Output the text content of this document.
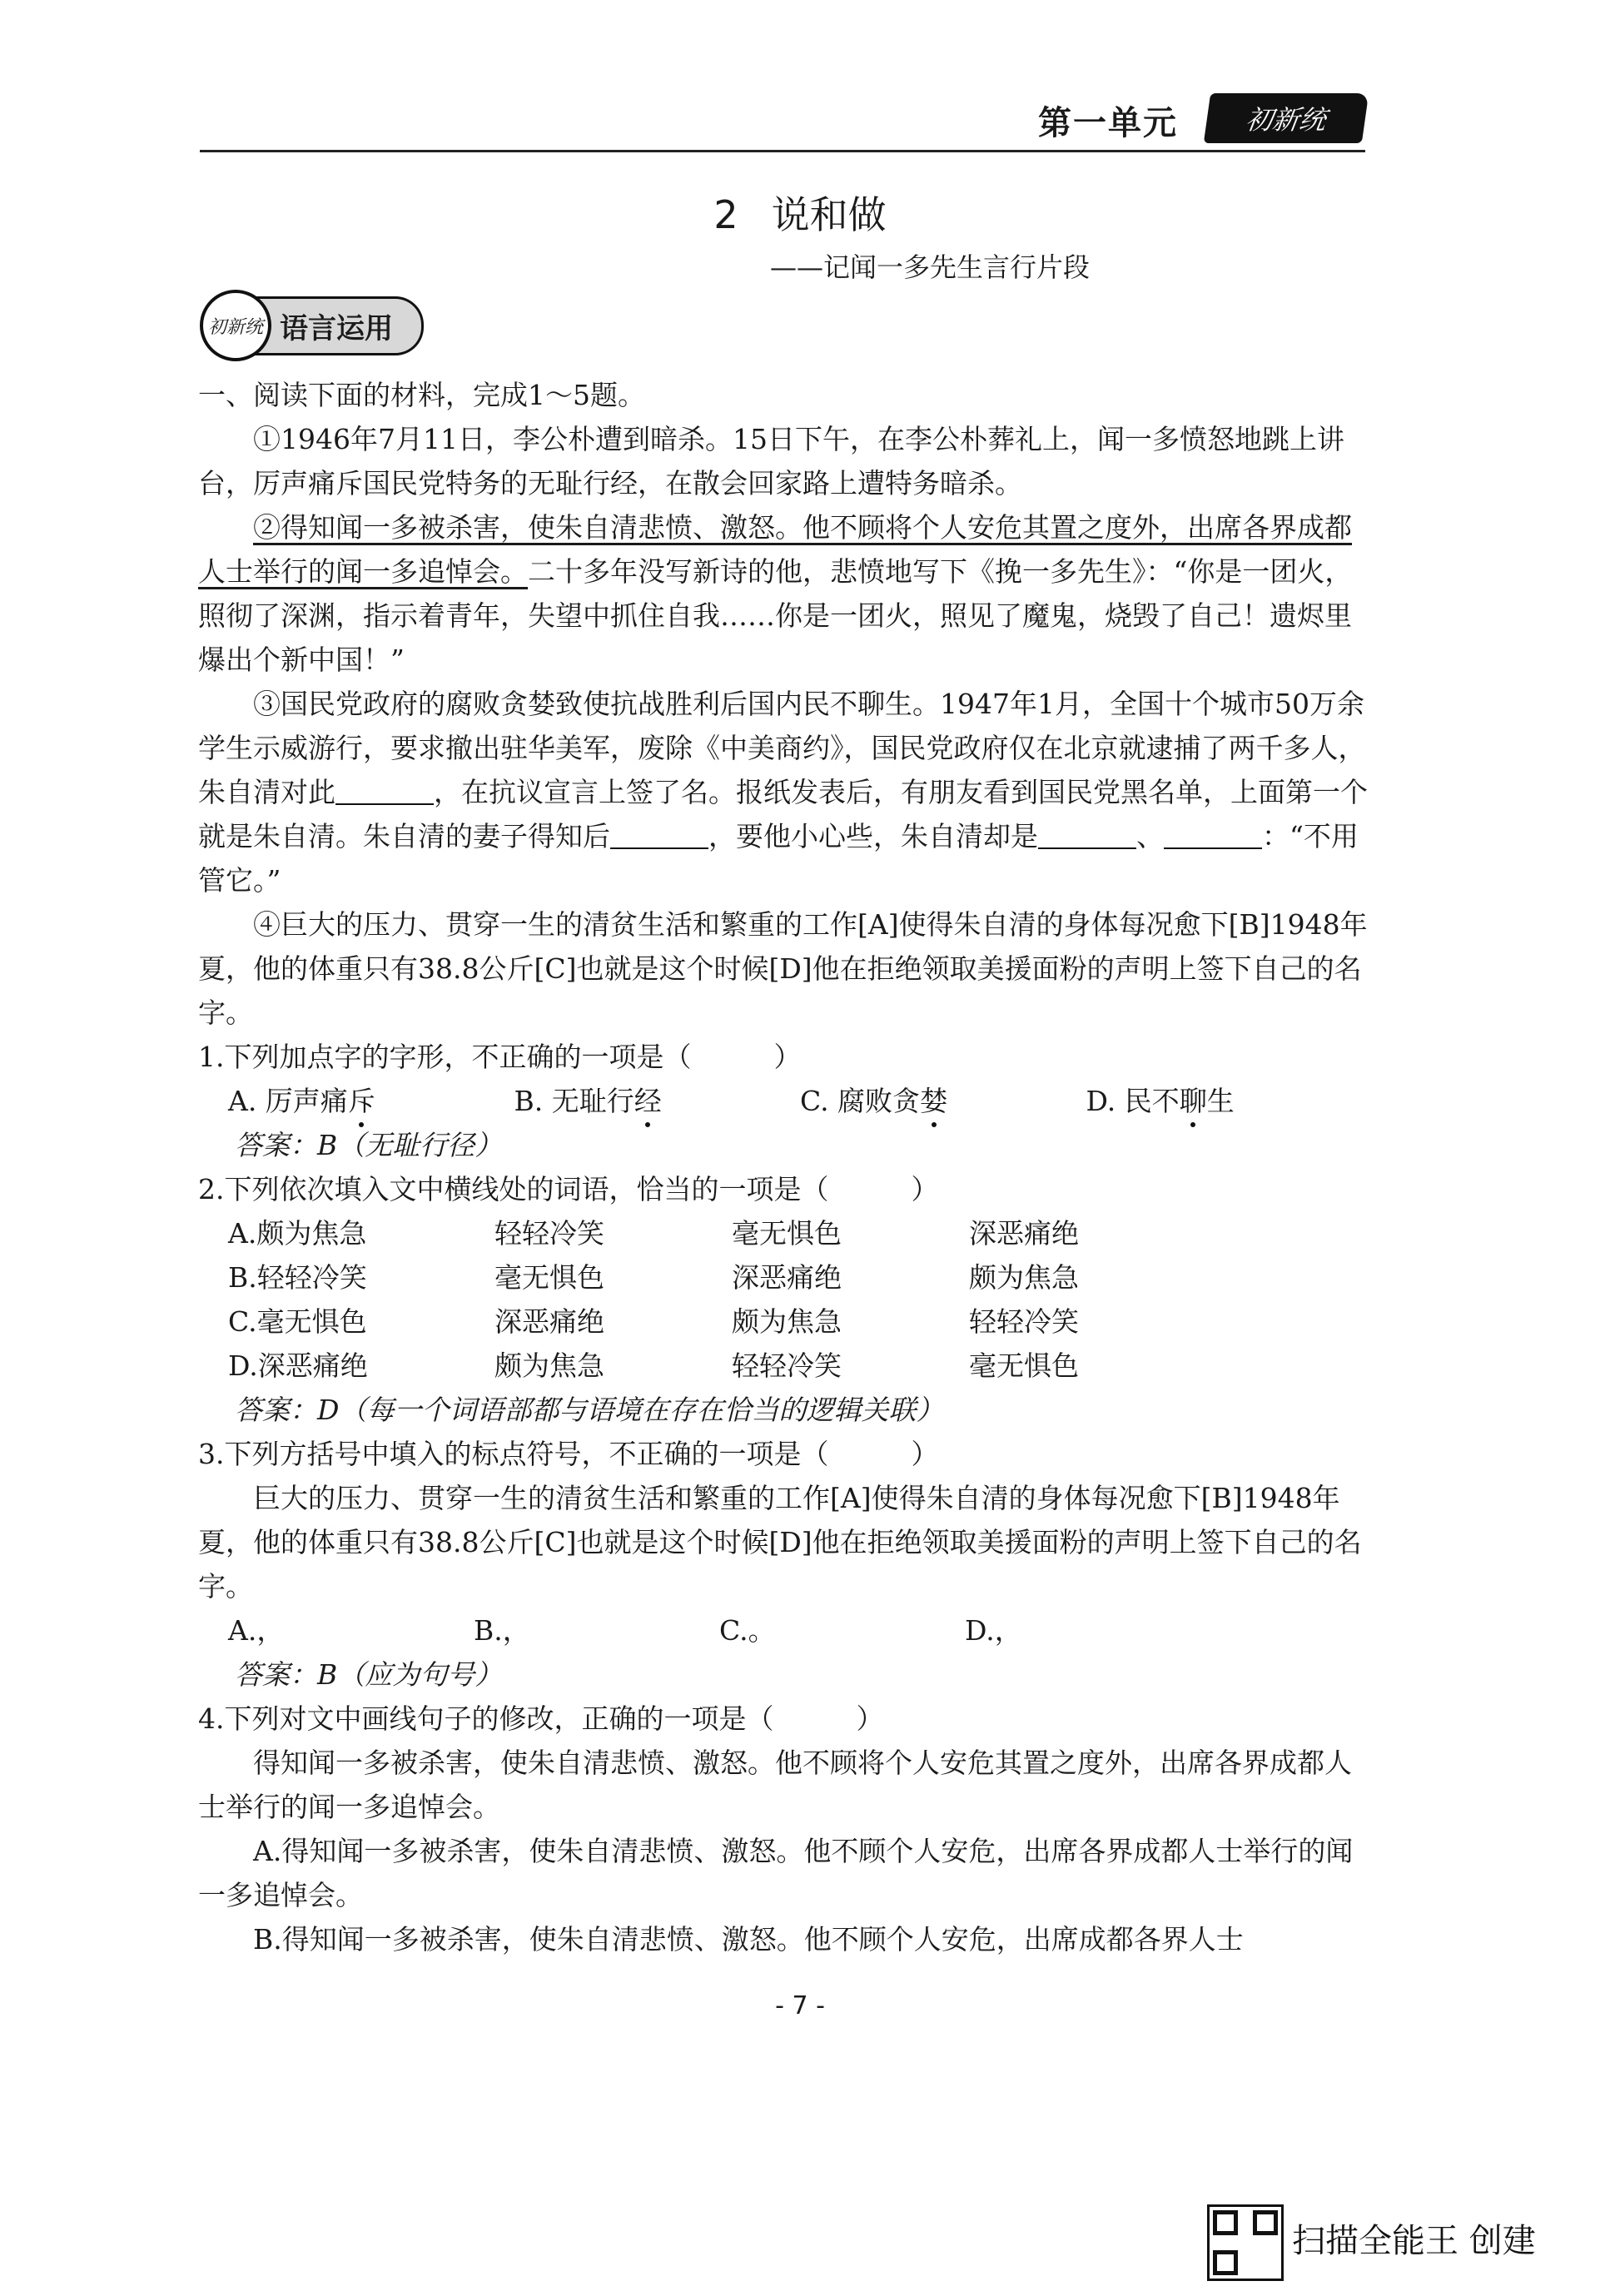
第一单元	初新统
2 说和做
——记闻一多先生言行片段
初新统 语言运用

一、阅读下面的材料，完成1～5题。

①1946年7月11日，李公朴遭到暗杀。15日下午，在李公朴葬礼上，闻一多愤怒地跳上讲台，厉声痛斥国民党特务的无耻行经，在散会回家路上遭特务暗杀。

②得知闻一多被杀害，使朱自清悲愤、激怒。他不顾将个人安危其置之度外，出席各界成都人士举行的闻一多追悼会。二十多年没写新诗的他，悲愤地写下《挽一多先生》：“你是一团火，照彻了深渊，指示着青年，失望中抓住自我……你是一团火，照见了魔鬼，烧毁了自己！遗烬里爆出个新中国！”

③国民党政府的腐败贪婪致使抗战胜利后国内民不聊生。1947年1月，全国十个城市50万余学生示威游行，要求撤出驻华美军，废除《中美商约》，国民党政府仅在北京就逮捕了两千多人，朱自清对此	，在抗议宣言上签了名。报纸发表后，有朋友看到国民党黑名单，上面第一个就是朱自清。朱自清的妻子得知后	，要他小心些，朱自清却是	、	：“不用管它。”

④巨大的压力、贯穿一生的清贫生活和繁重的工作[A]使得朱自清的身体每况愈下[B]1948年夏，他的体重只有38.8公斤[C]也就是这个时候[D]他在拒绝领取美援面粉的声明上签下自己的名字。

1.下列加点字的字形，不正确的一项是（　　　）

A. 厉声痛斥	B. 无耻行经	C. 腐败贪婪	D. 民不聊生

答案：B（无耻行径）

2.下列依次填入文中横线处的词语，恰当的一项是（　　　）

A.颇为焦急	轻轻冷笑	毫无惧色	深恶痛绝
B.轻轻冷笑	毫无惧色	深恶痛绝	颇为焦急
C.毫无惧色	深恶痛绝	颇为焦急	轻轻冷笑
D.深恶痛绝	颇为焦急	轻轻冷笑	毫无惧色

答案：D（每一个词语部都与语境在存在恰当的逻辑关联）

3.下列方括号中填入的标点符号，不正确的一项是（　　　）

巨大的压力、贯穿一生的清贫生活和繁重的工作[A]使得朱自清的身体每况愈下[B]1948年夏，他的体重只有38.8公斤[C]也就是这个时候[D]他在拒绝领取美援面粉的声明上签下自己的名字。

A.，	B.，	C.。	D.，

答案：B（应为句号）

4.下列对文中画线句子的修改，正确的一项是（　　　）

得知闻一多被杀害，使朱自清悲愤、激怒。他不顾将个人安危其置之度外，出席各界成都人士举行的闻一多追悼会。

A.得知闻一多被杀害，使朱自清悲愤、激怒。他不顾个人安危，出席各界成都人士举行的闻一多追悼会。

B.得知闻一多被杀害，使朱自清悲愤、激怒。他不顾个人安危，出席成都各界人士

- 7 -
扫描全能王 创建
